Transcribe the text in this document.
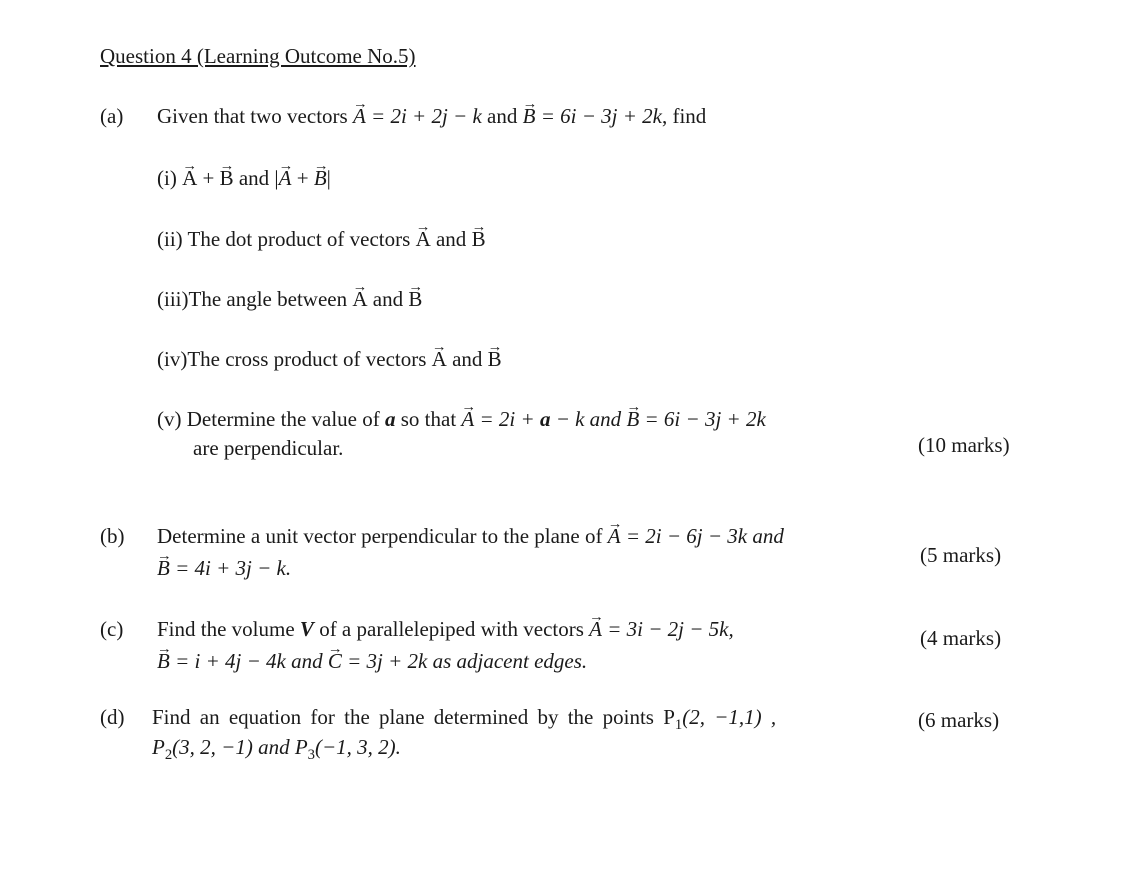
Question 4 (Learning Outcome No.5)
(a) Given that two vectors → A = 2i + 2j − k and → B = 6i − 3j + 2k, find
(i) → A + → B and |→ A + → B|
(ii) The dot product of vectors → A and → B
(iii)The angle between → A and → B
(iv)The cross product of vectors → A and → B
(v) Determine the value of a so that → A = 2i + a − k and → B = 6i − 3j + 2k
are perpendicular.	(10 marks)
(b) Determine a unit vector perpendicular to the plane of → A = 2i − 6j − 3k and
→ B = 4i + 3j − k.
(5 marks)
(c) Find the volume V of a parallelepiped with vectors → A = 3i − 2j − 5k,
→ B = i + 4j − 4k and → C = 3j + 2k as adjacent edges.
(4 marks)
(d) Find an equation for the plane determined by the points $P_1(2$, −1,1) ,
$P_2(3$, 2, −1) and $P_3(-1$, 3, 2).
(6 marks)
